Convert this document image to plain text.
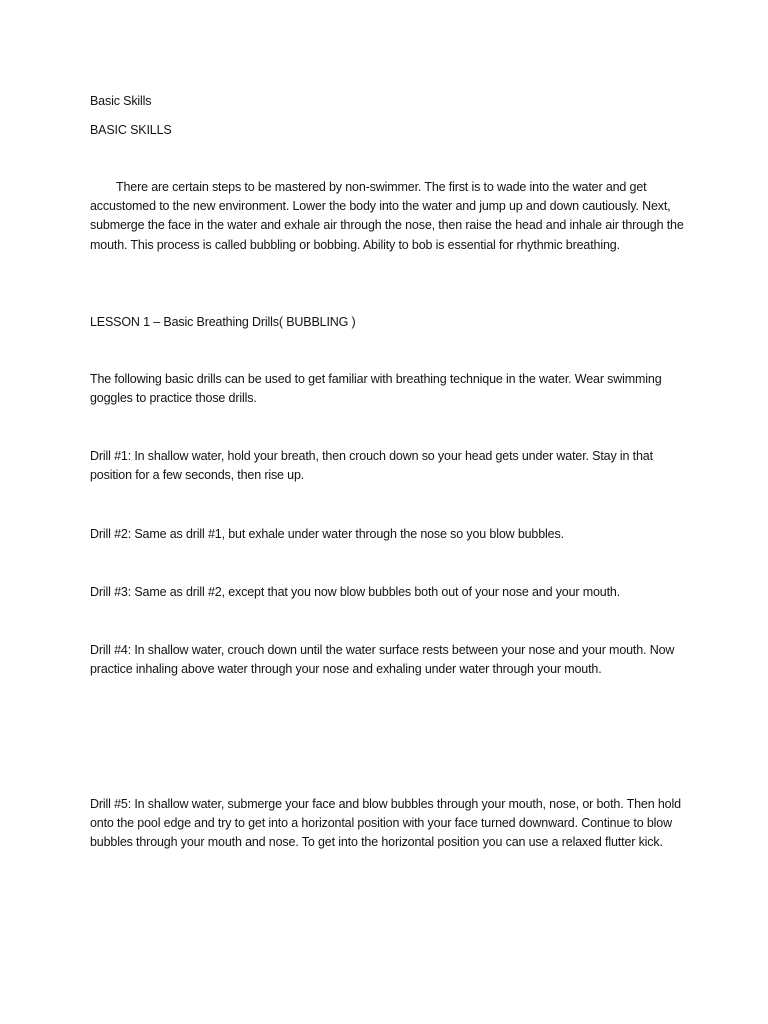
Basic Skills

BASIC SKILLS

There are certain steps to be mastered by non-swimmer. The first is to wade into the water and get accustomed to the new environment. Lower the body into the water and jump up and down cautiously. Next, submerge the face in the water and exhale air through the nose, then raise the head and inhale air through the mouth. This process is called bubbling or bobbing. Ability to bob is essential for rhythmic breathing.

LESSON 1 – Basic Breathing Drills( BUBBLING )

The following basic drills can be used to get familiar with breathing technique in the water. Wear swimming goggles to practice those drills.

Drill #1: In shallow water, hold your breath, then crouch down so your head gets under water. Stay in that position for a few seconds, then rise up.

Drill #2: Same as drill #1, but exhale under water through the nose so you blow bubbles.

Drill #3: Same as drill #2, except that you now blow bubbles both out of your nose and your mouth.

Drill #4: In shallow water, crouch down until the water surface rests between your nose and your mouth. Now practice inhaling above water through your nose and exhaling under water through your mouth.

Drill #5: In shallow water, submerge your face and blow bubbles through your mouth, nose, or both. Then hold onto the pool edge and try to get into a horizontal position with your face turned downward. Continue to blow bubbles through your mouth and nose. To get into the horizontal position you can use a relaxed flutter kick.
